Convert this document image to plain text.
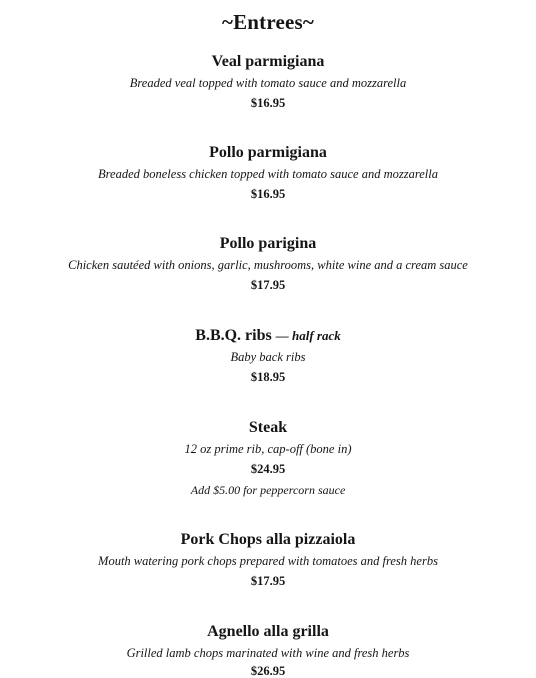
~Entrees~
Veal parmigiana
Breaded veal topped with tomato sauce and mozzarella
$16.95
Pollo parmigiana
Breaded boneless chicken topped with tomato sauce and mozzarella
$16.95
Pollo parigina
Chicken sautéed with onions, garlic, mushrooms, white wine and a cream sauce
$17.95
B.B.Q. ribs — half rack
Baby back ribs
$18.95
Steak
12 oz prime rib, cap-off (bone in)
$24.95
Add $5.00 for peppercorn sauce
Pork Chops alla pizzaiola
Mouth watering pork chops prepared with tomatoes and fresh herbs
$17.95
Agnello alla grilla
Grilled lamb chops marinated with wine and fresh herbs
$26.95
